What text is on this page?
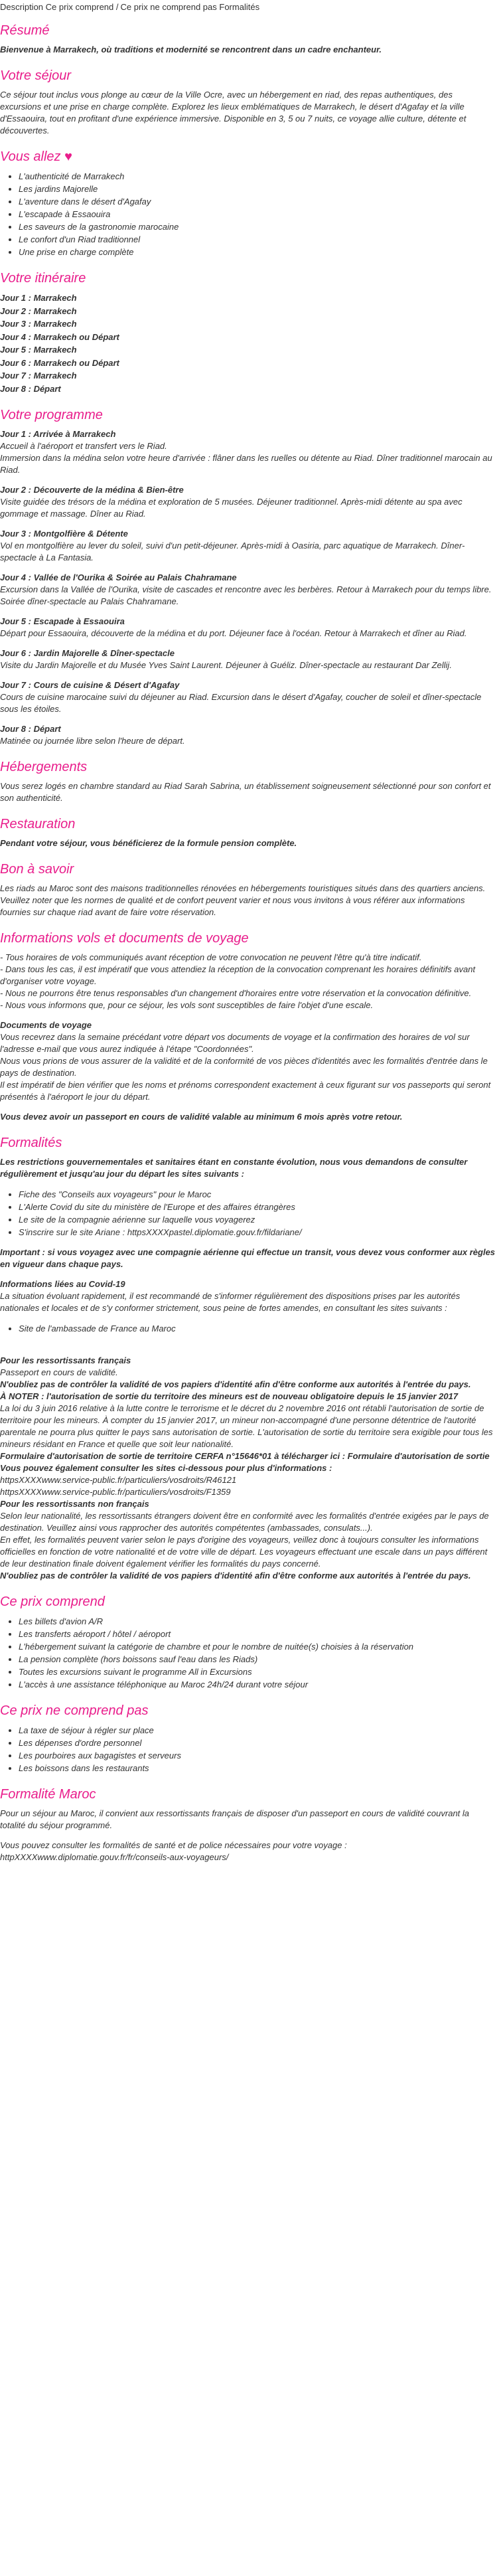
Description Ce prix comprend / Ce prix ne comprend pas Formalités
Résumé

Bienvenue à Marrakech, où traditions et modernité se rencontrent dans un cadre enchanteur.

Votre séjour

Ce séjour tout inclus vous plonge au cœur de la Ville Ocre, avec un hébergement en riad, des repas authentiques, des excursions et une prise en charge complète. Explorez les lieux emblématiques de Marrakech, le désert d'Agafay et la ville d'Essaouira, tout en profitant d'une expérience immersive. Disponible en 3, 5 ou 7 nuits, ce voyage allie culture, détente et découvertes.

Vous allez ♥
• L'authenticité de Marrakech
• Les jardins Majorelle
• L'aventure dans le désert d'Agafay
• L'escapade à Essaouira
• Les saveurs de la gastronomie marocaine
• Le confort d'un Riad traditionnel
• Une prise en charge complète
Votre itinéraire
Jour 1 : Marrakech
Jour 2 : Marrakech
Jour 3 : Marrakech
Jour 4 : Marrakech ou Départ
Jour 5 : Marrakech
Jour 6 : Marrakech ou Départ
Jour 7 : Marrakech
Jour 8 : Départ
Votre programme
Jour 1 : Arrivée à Marrakech
Accueil à l'aéroport et transfert vers le Riad.
Immersion dans la médina selon votre heure d'arrivée : flâner dans les ruelles ou détente au Riad. Dîner traditionnel marocain au Riad.
Jour 2 : Découverte de la médina & Bien-être
Visite guidée des trésors de la médina et exploration de 5 musées. Déjeuner traditionnel. Après-midi détente au spa avec gommage et massage. Dîner au Riad.
Jour 3 : Montgolfière & Détente
Vol en montgolfière au lever du soleil, suivi d'un petit-déjeuner. Après-midi à Oasiria, parc aquatique de Marrakech. Dîner-spectacle à La Fantasia.
Jour 4 : Vallée de l'Ourika & Soirée au Palais Chahramane
Excursion dans la Vallée de l'Ourika, visite de cascades et rencontre avec les berbères. Retour à Marrakech pour du temps libre. Soirée dîner-spectacle au Palais Chahramane.
Jour 5 : Escapade à Essaouira
Départ pour Essaouira, découverte de la médina et du port. Déjeuner face à l'océan. Retour à Marrakech et dîner au Riad.
Jour 6 : Jardin Majorelle & Dîner-spectacle
Visite du Jardin Majorelle et du Musée Yves Saint Laurent. Déjeuner à Guéliz. Dîner-spectacle au restaurant Dar Zellij.
Jour 7 : Cours de cuisine & Désert d'Agafay
Cours de cuisine marocaine suivi du déjeuner au Riad. Excursion dans le désert d'Agafay, coucher de soleil et dîner-spectacle sous les étoiles.
Jour 8 : Départ
Matinée ou journée libre selon l'heure de départ.
Hébergements

Vous serez logés en chambre standard au Riad Sarah Sabrina, un établissement soigneusement sélectionné pour son confort et son authenticité.

Restauration

Pendant votre séjour, vous bénéficierez de la formule pension complète.

Bon à savoir

Les riads au Maroc sont des maisons traditionnelles rénovées en hébergements touristiques situés dans des quartiers anciens. Veuillez noter que les normes de qualité et de confort peuvent varier et nous vous invitons à vous référer aux informations fournies sur chaque riad avant de faire votre réservation.

Informations vols et documents de voyage

- Tous horaires de vols communiqués avant réception de votre convocation ne peuvent l'être qu'à titre indicatif.
- Dans tous les cas, il est impératif que vous attendiez la réception de la convocation comprenant les horaires définitifs avant d'organiser votre voyage.
- Nous ne pourrons être tenus responsables d'un changement d'horaires entre votre réservation et la convocation définitive.
- Nous vous informons que, pour ce séjour, les vols sont susceptibles de faire l'objet d'une escale.

Documents de voyage
Vous recevrez dans la semaine précédant votre départ vos documents de voyage et la confirmation des horaires de vol sur l'adresse e-mail que vous aurez indiquée à l'étape "Coordonnées".
Nous vous prions de vous assurer de la validité et de la conformité de vos pièces d'identités avec les formalités d'entrée dans le pays de destination.
Il est impératif de bien vérifier que les noms et prénoms correspondent exactement à ceux figurant sur vos passeports qui seront présentés à l'aéroport le jour du départ.

Vous devez avoir un passeport en cours de validité valable au minimum 6 mois après votre retour.

Formalités

Les restrictions gouvernementales et sanitaires étant en constante évolution, nous vous demandons de consulter régulièrement et jusqu'au jour du départ les sites suivants :

• Fiche des "Conseils aux voyageurs" pour le Maroc
• L'Alerte Covid du site du ministère de l'Europe et des affaires étrangères
• Le site de la compagnie aérienne sur laquelle vous voyagerez
• S'inscrire sur le site Ariane : httpsXXXXpastel.diplomatie.gouv.fr/fildariane/

Important : si vous voyagez avec une compagnie aérienne qui effectue un transit, vous devez vous conformer aux règles en vigueur dans chaque pays.

Informations liées au Covid-19
La situation évoluant rapidement, il est recommandé de s'informer régulièrement des dispositions prises par les autorités nationales et locales et de s'y conformer strictement, sous peine de fortes amendes, en consultant les sites suivants :

• Site de l'ambassade de France au Maroc

Pour les ressortissants français
Passeport en cours de validité.
N'oubliez pas de contrôler la validité de vos papiers d'identité afin d'être conforme aux autorités à l'entrée du pays.
À NOTER : l'autorisation de sortie du territoire des mineurs est de nouveau obligatoire depuis le 15 janvier 2017
La loi du 3 juin 2016 relative à la lutte contre le terrorisme et le décret du 2 novembre 2016 ont rétabli l'autorisation de sortie de territoire pour les mineurs. À compter du 15 janvier 2017, un mineur non-accompagné d'une personne détentrice de l'autorité parentale ne pourra plus quitter le pays sans autorisation de sortie. L'autorisation de sortie du territoire sera exigible pour tous les mineurs résidant en France et quelle que soit leur nationalité.
Formulaire d'autorisation de sortie de territoire CERFA n°15646*01 à télécharger ici : Formulaire d'autorisation de sortie
Vous pouvez également consulter les sites ci-dessous pour plus d'informations :
httpsXXXXwww.service-public.fr/particuliers/vosdroits/R46121
httpsXXXXwww.service-public.fr/particuliers/vosdroits/F1359
Pour les ressortissants non français
Selon leur nationalité, les ressortissants étrangers doivent être en conformité avec les formalités d'entrée exigées par le pays de destination. Veuillez ainsi vous rapprocher des autorités compétentes (ambassades, consulats...).
En effet, les formalités peuvent varier selon le pays d'origine des voyageurs, veillez donc à toujours consulter les informations officielles en fonction de votre nationalité et de votre ville de départ. Les voyageurs effectuant une escale dans un pays différent de leur destination finale doivent également vérifier les formalités du pays concerné.
N'oubliez pas de contrôler la validité de vos papiers d'identité afin d'être conforme aux autorités à l'entrée du pays.

Ce prix comprend
• Les billets d'avion A/R
• Les transferts aéroport / hôtel / aéroport
• L'hébergement suivant la catégorie de chambre et pour le nombre de nuitée(s) choisies à la réservation
• La pension complète (hors boissons sauf l'eau dans les Riads)
• Toutes les excursions suivant le programme All in Excursions
• L'accès à une assistance téléphonique au Maroc 24h/24 durant votre séjour
Ce prix ne comprend pas
• La taxe de séjour à régler sur place
• Les dépenses d'ordre personnel
• Les pourboires aux bagagistes et serveurs
• Les boissons dans les restaurants
Formalité Maroc

Pour un séjour au Maroc, il convient aux ressortissants français de disposer d'un passeport en cours de validité couvrant la totalité du séjour programmé.

Vous pouvez consulter les formalités de santé et de police nécessaires pour votre voyage :
httpXXXXwww.diplomatie.gouv.fr/fr/conseils-aux-voyageurs/
